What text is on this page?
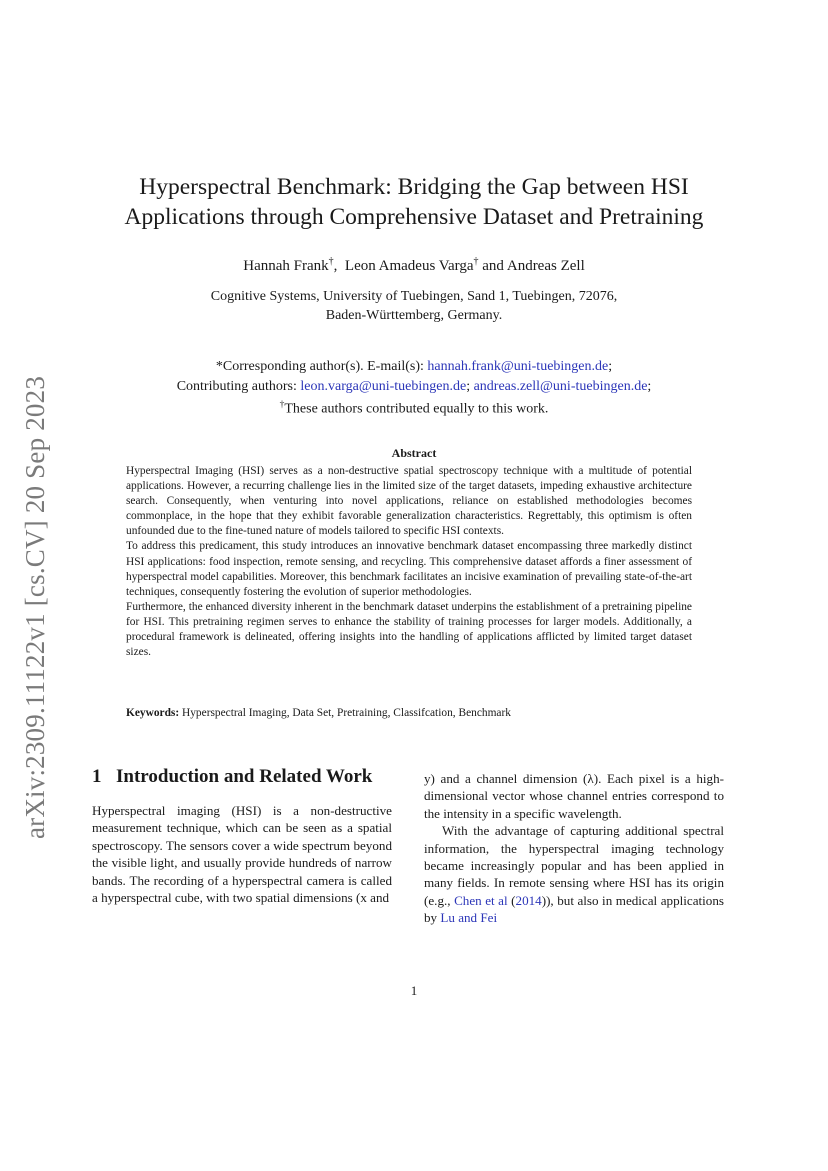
arXiv:2309.11122v1 [cs.CV] 20 Sep 2023
Hyperspectral Benchmark: Bridging the Gap between HSI
Applications through Comprehensive Dataset and Pretraining
Hannah Frank†,  Leon Amadeus Varga† and Andreas Zell
Cognitive Systems, University of Tuebingen, Sand 1, Tuebingen, 72076,
Baden-Württemberg, Germany.
*Corresponding author(s). E-mail(s): hannah.frank@uni-tuebingen.de;
Contributing authors: leon.varga@uni-tuebingen.de; andreas.zell@uni-tuebingen.de;
†These authors contributed equally to this work.
Abstract

Hyperspectral Imaging (HSI) serves as a non-destructive spatial spectroscopy technique with a multitude of potential applications. However, a recurring challenge lies in the limited size of the target datasets, impeding exhaustive architecture search. Consequently, when venturing into novel applications, reliance on established methodologies becomes commonplace, in the hope that they exhibit favorable generalization characteristics. Regrettably, this optimism is often unfounded due to the fine-tuned nature of models tailored to specific HSI contexts.

To address this predicament, this study introduces an innovative benchmark dataset encompassing three markedly distinct HSI applications: food inspection, remote sensing, and recycling. This comprehensive dataset affords a finer assessment of hyperspectral model capabilities. Moreover, this benchmark facilitates an incisive examination of prevailing state-of-the-art techniques, consequently fostering the evolution of superior methodologies.

Furthermore, the enhanced diversity inherent in the benchmark dataset underpins the establishment of a pretraining pipeline for HSI. This pretraining regimen serves to enhance the stability of training processes for larger models. Additionally, a procedural framework is delineated, offering insights into the handling of applications afflicted by limited target dataset sizes.

Keywords: Hyperspectral Imaging, Data Set, Pretraining, Classifcation, Benchmark
1 Introduction and Related Work

Hyperspectral imaging (HSI) is a non-destructive measurement technique, which can be seen as a spatial spectroscopy. The sensors cover a wide spectrum beyond the visible light, and usually provide hundreds of narrow bands. The recording of a hyperspectral camera is called a hyperspectral cube, with two spatial dimensions (x and

y) and a channel dimension (λ). Each pixel is a high-dimensional vector whose channel entries correspond to the intensity in a specific wavelength.

With the advantage of capturing additional spectral information, the hyperspectral imaging technology became increasingly popular and has been applied in many fields. In remote sensing where HSI has its origin (e.g., Chen et al (2014)), but also in medical applications by Lu and Fei

1
